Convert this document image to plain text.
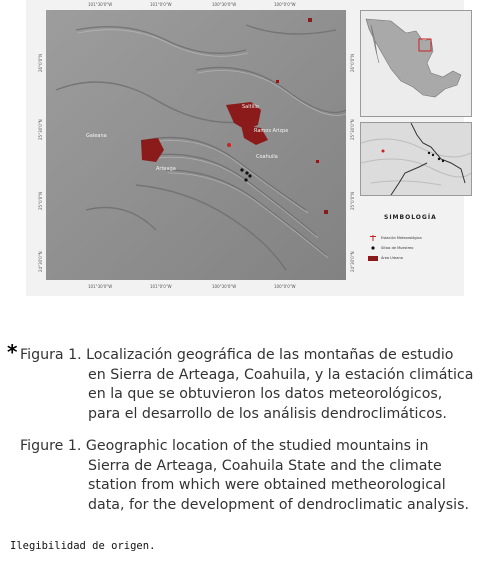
Galeana
Saltillo
Ramos Arizpe
Arteaga
Coahuila
101°30'0"W	101°0'0"W	100°30'0"W	100°0'0"W
101°30'0"W	101°0'0"W	100°30'0"W	100°0'0"W
26°0'0"N
25°30'0"N
25°0'0"N
24°30'0"N
26°0'0"N
25°30'0"N
25°0'0"N
24°30'0"N
SIMBOLOGÍA
Estación Meteorológica
Sitios de Muestreo
Área Urbana
* Figura 1. Localización geográfica de las montañas de estudio
en Sierra de Arteaga, Coahuila, y la estación climática
en la que se obtuvieron los datos meteorológicos,
para el desarrollo de los análisis dendroclimáticos.
Figure 1. Geographic location of the studied mountains in
Sierra de Arteaga, Coahuila State and the climate
station from which were obtained metheorological
data, for the development of dendroclimatic analysis.
Ilegibilidad de origen.
